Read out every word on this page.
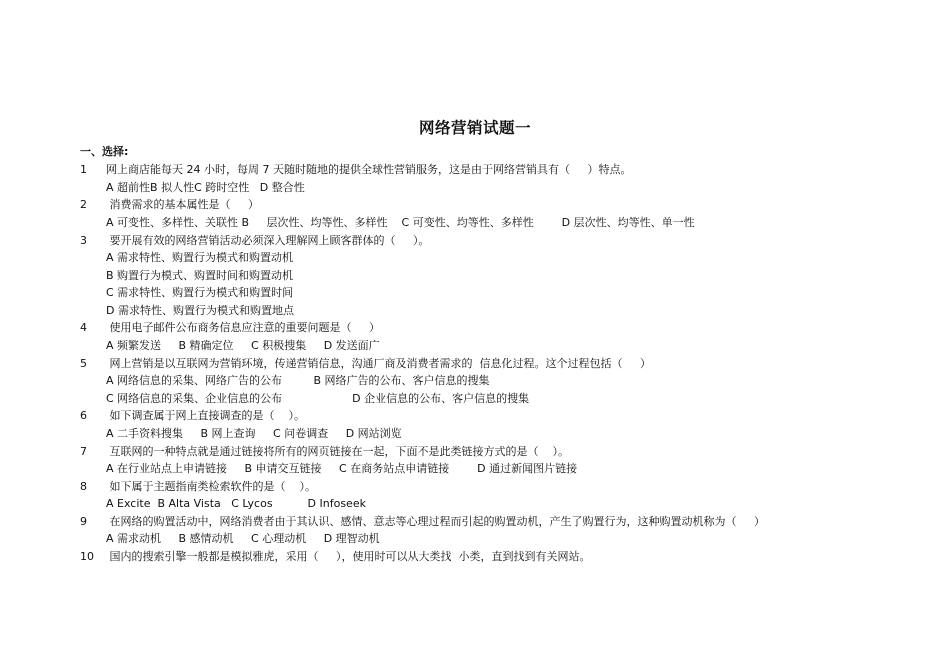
网络营销试题一
一、选择:
1 网上商店能每天 24 小时，每周 7 天随时随地的提供全球性营销服务，这是由于网络营销具有（     ）特点。
A 超前性B 拟人性C 跨时空性   D 整合性
2 消费需求的基本属性是（     ）
A 可变性、多样性、关联性 B     层次性、均等性、多样性    C 可变性、均等性、多样性        D 层次性、均等性、单一性
3 要开展有效的网络营销活动必须深入理解网上顾客群体的（     ）。
A 需求特性、购置行为模式和购置动机
B 购置行为模式、购置时间和购置动机
C 需求特性、购置行为模式和购置时间
D 需求特性、购置行为模式和购置地点
4 使用电子邮件公布商务信息应注意的重要问题是（     ）
A 频繁发送     B 精确定位     C 积极搜集     D 发送面广
5 网上营销是以互联网为营销环境，传递营销信息，沟通厂商及消费者需求的  信息化过程。这个过程包括（     ）
A 网络信息的采集、网络广告的公布         B 网络广告的公布、客户信息的搜集
C 网络信息的采集、企业信息的公布                    D 企业信息的公布、客户信息的搜集
6 如下调查属于网上直接调查的是（    ）。
A 二手资料搜集     B 网上查询     C 问卷调查     D 网站浏览
7 互联网的一种特点就是通过链接将所有的网页链接在一起，下面不是此类链接方式的是（    ）。
A 在行业站点上申请链接     B 申请交互链接     C 在商务站点申请链接        D 通过新闻图片链接
8 如下属于主题指南类检索软件的是（    ）。
A Excite  B Alta Vista   C Lycos          D Infoseek
9 在网络的购置活动中，网络消费者由于其认识、感情、意志等心理过程而引起的购置动机，产生了购置行为，这种购置动机称为（     ）
A 需求动机     B 感情动机     C 心理动机     D 理智动机
10 国内的搜索引擎一般都是模拟雅虎，采用（     ），使用时可以从大类找  小类，直到找到有关网站。
